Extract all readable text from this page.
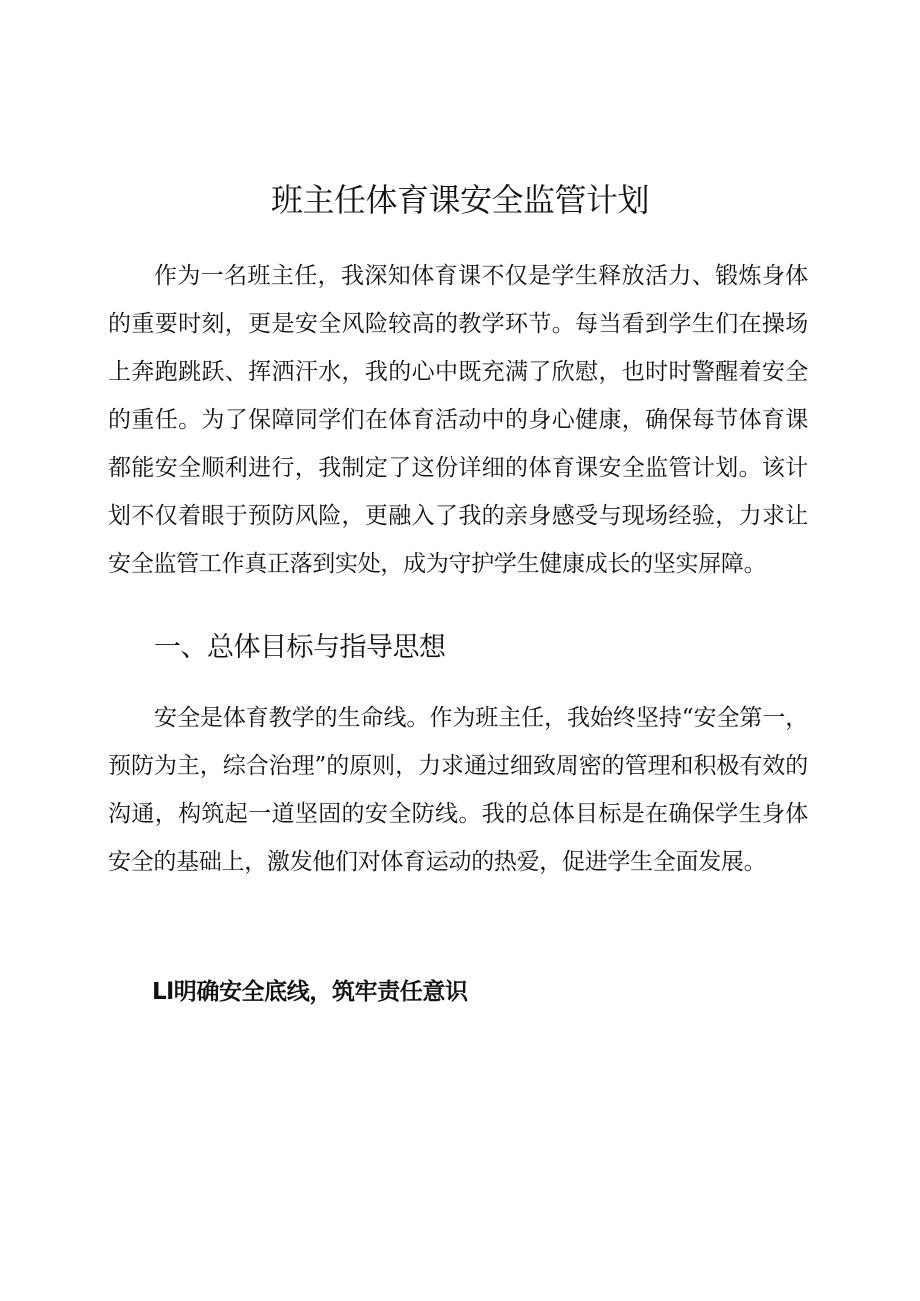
班主任体育课安全监管计划

作为一名班主任，我深知体育课不仅是学生释放活力、锻炼身体的重要时刻，更是安全风险较高的教学环节。每当看到学生们在操场上奔跑跳跃、挥洒汗水，我的心中既充满了欣慰，也时时警醒着安全的重任。为了保障同学们在体育活动中的身心健康，确保每节体育课都能安全顺利进行，我制定了这份详细的体育课安全监管计划。该计划不仅着眼于预防风险，更融入了我的亲身感受与现场经验，力求让安全监管工作真正落到实处，成为守护学生健康成长的坚实屏障。

一、总体目标与指导思想

安全是体育教学的生命线。作为班主任，我始终坚持“安全第一，预防为主，综合治理”的原则，力求通过细致周密的管理和积极有效的沟通，构筑起一道坚固的安全防线。我的总体目标是在确保学生身体安全的基础上，激发他们对体育运动的热爱，促进学生全面发展。

Ll明确安全底线，筑牢责任意识
